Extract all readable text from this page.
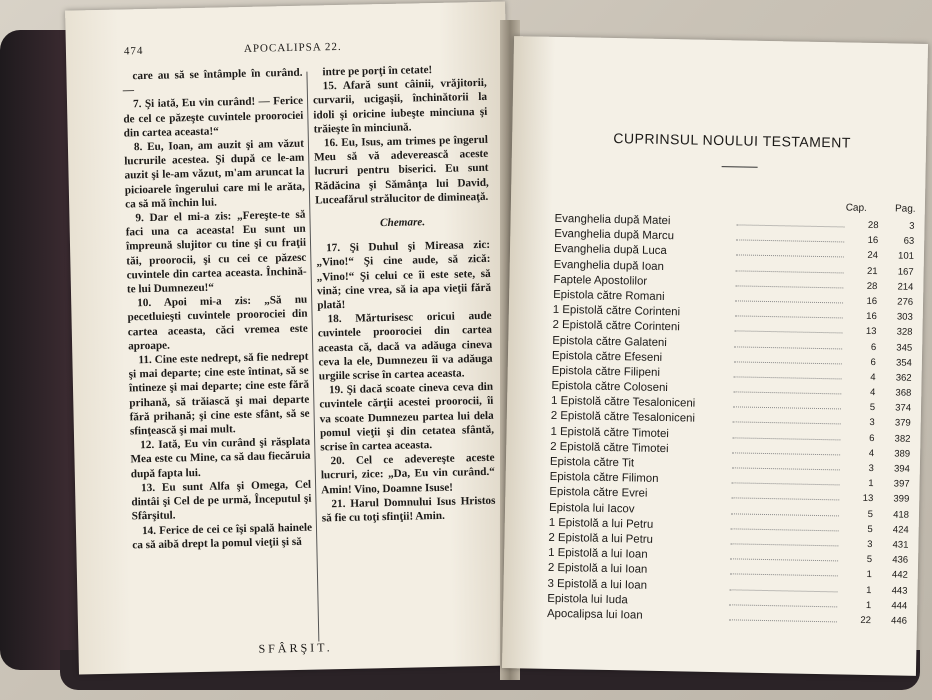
474	APOCALIPSA 22.

care au să se întâmple în curând. —

7. Şi iată, Eu vin curând! — Ferice de cel ce păzeşte cuvintele proorociei din cartea aceasta!“

8. Eu, Ioan, am auzit şi am văzut lucrurile acestea. Şi după ce le-am auzit şi le-am văzut, m'am aruncat la picioarele îngerului care mi le arăta, ca să mă închin lui.

9. Dar el mi-a zis: „Fereşte-te să faci una ca aceasta! Eu sunt un împreună slujitor cu tine şi cu fraţii tăi, proorocii, şi cu cei ce păzesc cuvintele din cartea aceasta. Închină-te lui Dumnezeu!“

10. Apoi mi-a zis: „Să nu pecetluieşti cuvintele proorociei din cartea aceasta, căci vremea este aproape.

11. Cine este nedrept, să fie nedrept şi mai departe; cine este întinat, să se întineze şi mai departe; cine este fără prihană, să trăiască şi mai departe fără prihană; şi cine este sfânt, să se sfinţească şi mai mult.

12. Iată, Eu vin curând şi răsplata Mea este cu Mine, ca să dau fiecăruia după fapta lui.

13. Eu sunt Alfa şi Omega, Cel dintâi şi Cel de pe urmă, Începutul şi Sfârşitul.

14. Ferice de cei ce îşi spală hainele ca să aibă drept la pomul vieţii şi să

intre pe porţi în cetate!

15. Afară sunt câinii, vrăjitorii, curvarii, ucigaşii, închinătorii la idoli şi oricine iubeşte minciuna şi trăieşte în minciună.

16. Eu, Isus, am trimes pe îngerul Meu să vă adeverească aceste lucruri pentru biserici. Eu sunt Rădăcina şi Sămânţa lui David, Luceafărul strălucitor de dimineaţă.

Chemare.

17. Şi Duhul şi Mireasa zic: „Vino!“ Şi cine aude, să zică: „Vino!“ Şi celui ce îi este sete, să vină; cine vrea, să ia apa vieţii fără plată!

18. Mărturisesc oricui aude cuvintele proorociei din cartea aceasta că, dacă va adăuga cineva ceva la ele, Dumnezeu îi va adăuga urgiile scrise în cartea aceasta.

19. Şi dacă scoate cineva ceva din cuvintele cărţii acestei proorocii, îi va scoate Dumnezeu partea lui dela pomul vieţii şi din cetatea sfântă, scrise în cartea aceasta.

20. Cel ce adevereşte aceste lucruri, zice: „Da, Eu vin curând.“ Amin! Vino, Doamne Isuse!

21. Harul Domnului Isus Hristos să fie cu toţi sfinţii! Amin.

SFÂRŞIT.
CUPRINSUL NOULUI TESTAMENT
Cap.	Pag.
Evanghelia după Matei	28	3
Evanghelia după Marcu	16	63
Evanghelia după Luca	24	101
Evanghelia după Ioan	21	167
Faptele Apostolilor	28	214
Epistola către Romani	16	276
1 Epistolă către Corinteni	16	303
2 Epistolă către Corinteni	13	328
Epistola către Galateni	6	345
Epistola către Efeseni	6	354
Epistola către Filipeni	4	362
Epistola către Coloseni	4	368
1 Epistolă către Tesaloniceni	5	374
2 Epistolă către Tesaloniceni	3	379
1 Epistolă către Timotei	6	382
2 Epistolă către Timotei	4	389
Epistola către Tit	3	394
Epistola către Filimon	1	397
Epistola către Evrei	13	399
Epistola lui Iacov	5	418
1 Epistolă a lui Petru	5	424
2 Epistolă a lui Petru	3	431
1 Epistolă a lui Ioan	5	436
2 Epistolă a lui Ioan	1	442
3 Epistolă a lui Ioan	1	443
Epistola lui Iuda	1	444
Apocalipsa lui Ioan	22	446
